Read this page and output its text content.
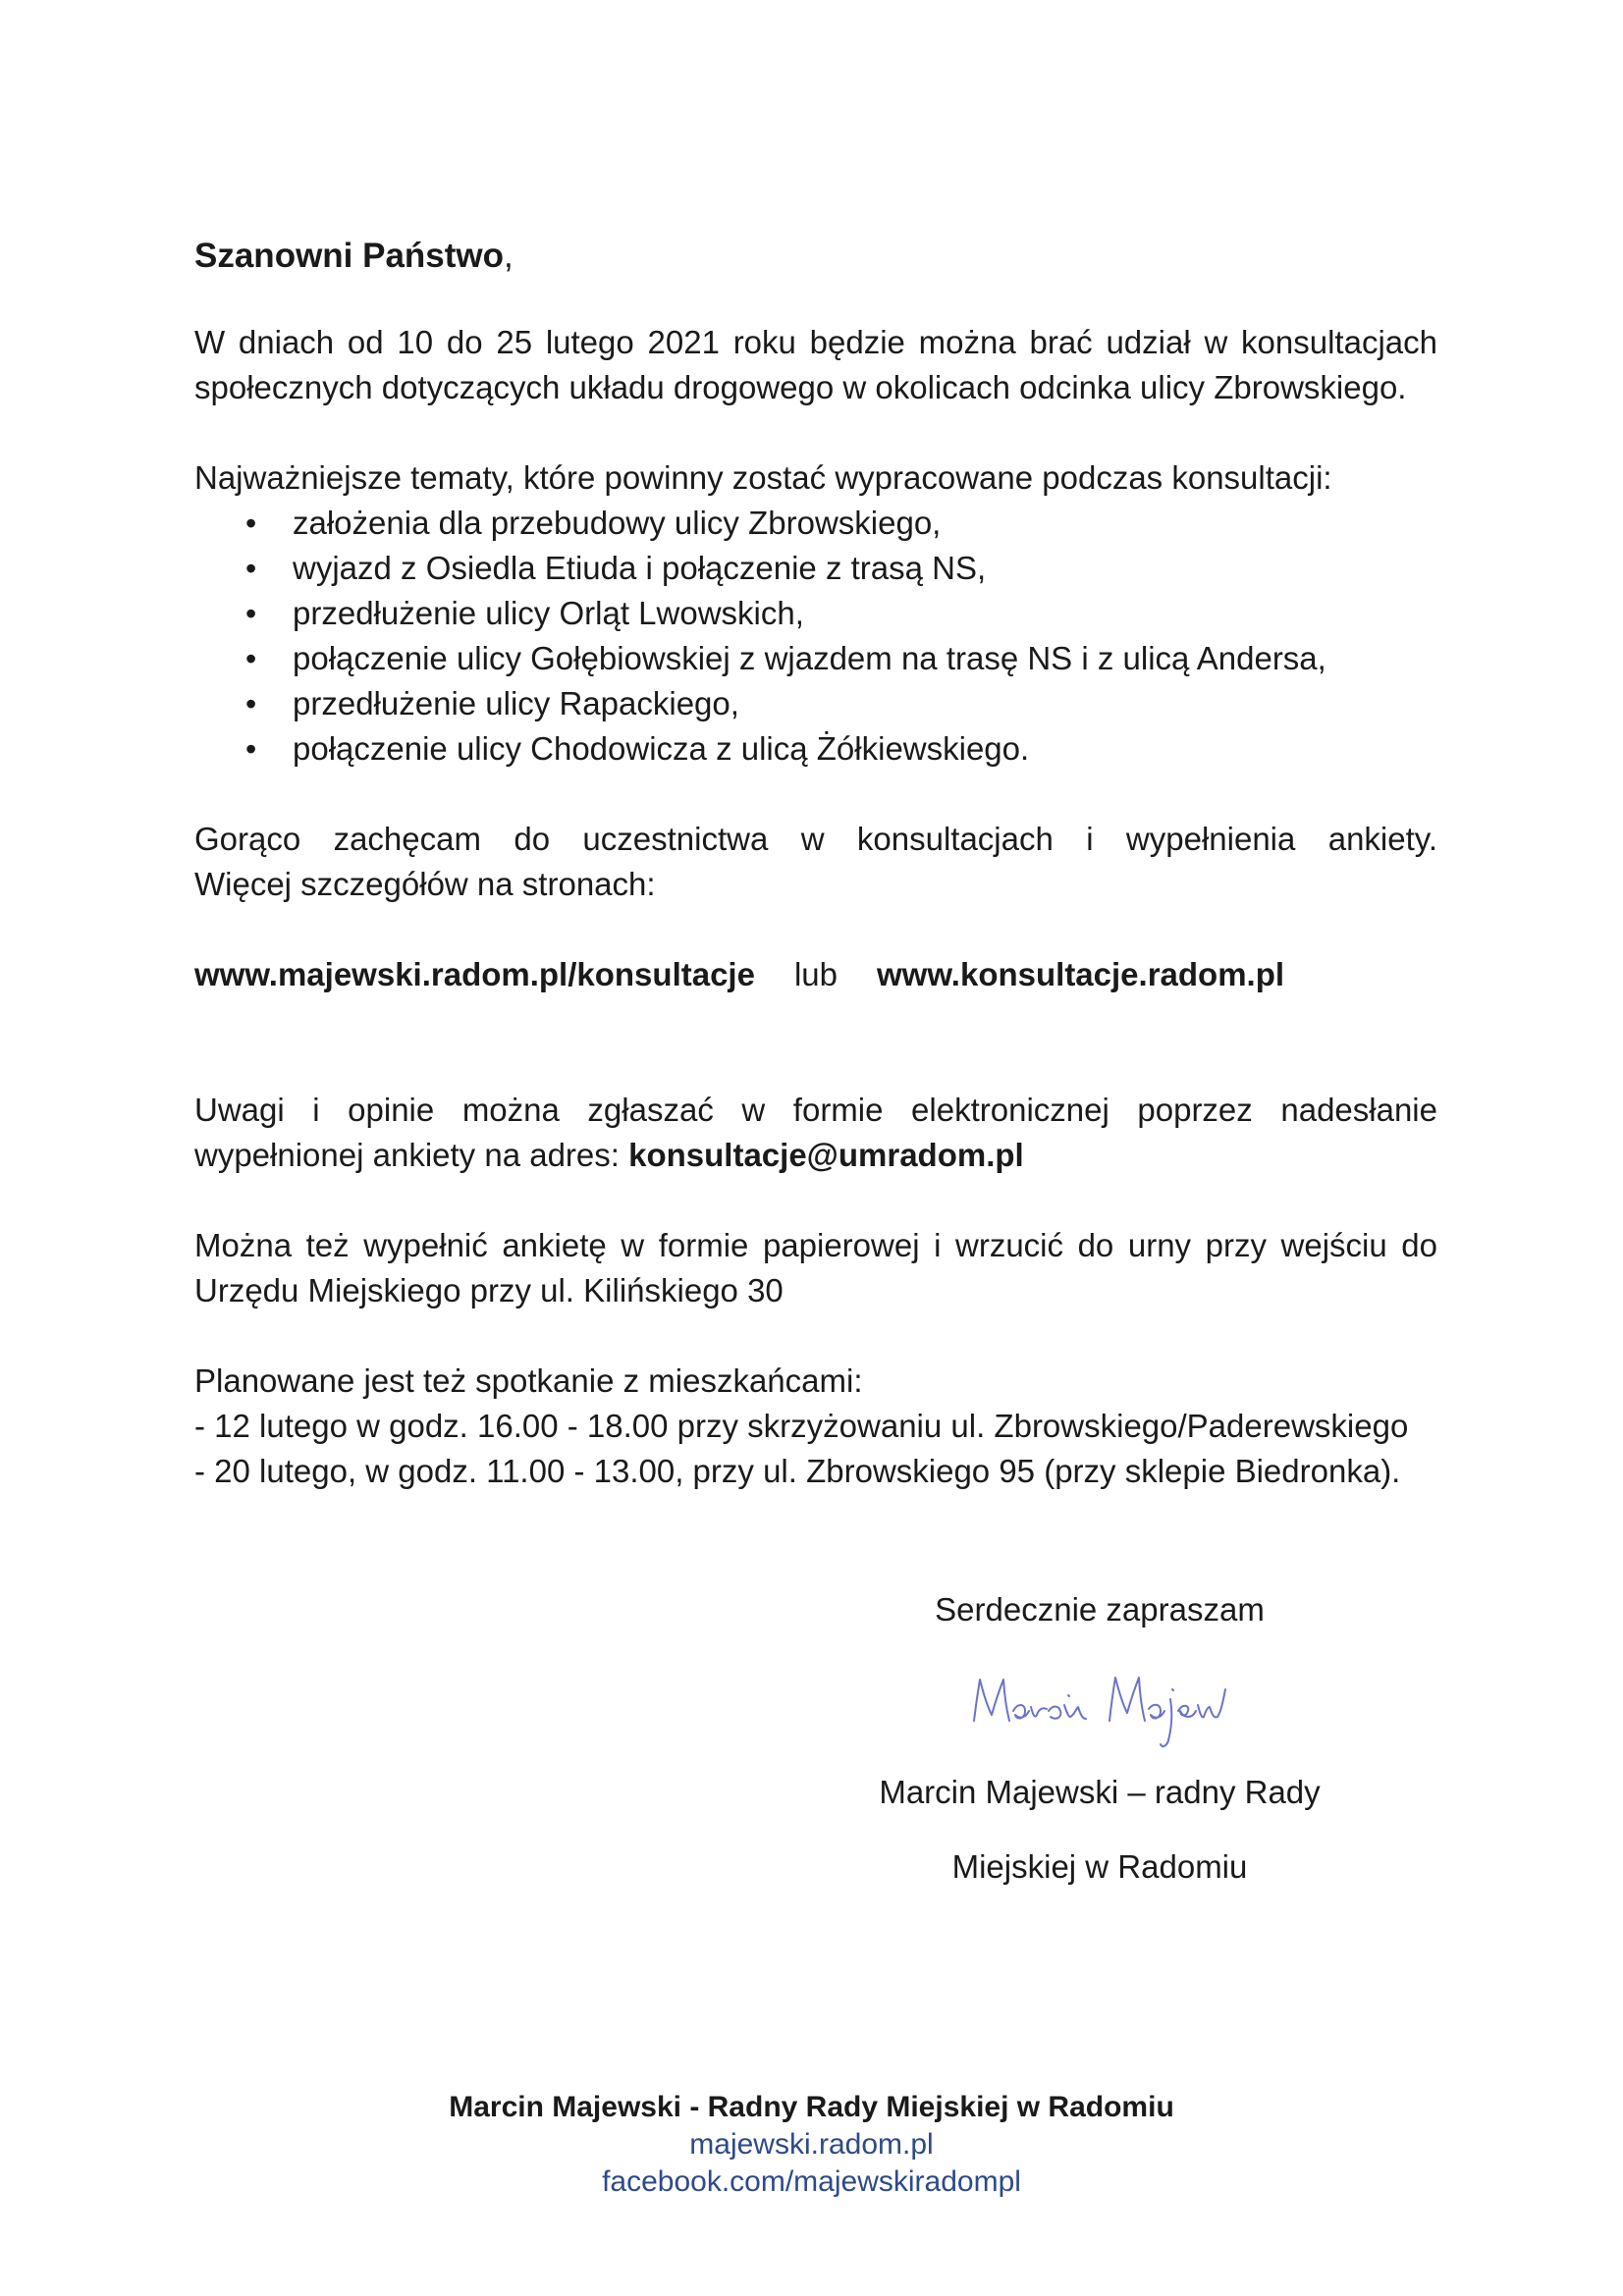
Szanowni Państwo,

W dniach od 10 do 25 lutego 2021 roku będzie można brać udział w konsultacjach społecznych dotyczących układu drogowego w okolicach odcinka ulicy Zbrowskiego.

Najważniejsze tematy, które powinny zostać wypracowane podczas konsultacji:

• założenia dla przebudowy ulicy Zbrowskiego,
• wyjazd z Osiedla Etiuda i połączenie z trasą NS,
• przedłużenie ulicy Orląt Lwowskich,
• połączenie ulicy Gołębiowskiej z wjazdem na trasę NS i z ulicą Andersa,
• przedłużenie ulicy Rapackiego,
• połączenie ulicy Chodowicza z ulicą Żółkiewskiego.

Gorąco zachęcam do uczestnictwa w konsultacjach i wypełnienia ankiety.

Więcej szczegółów na stronach:

www.majewski.radom.pl/konsultacje lub www.konsultacje.radom.pl

Uwagi i opinie można zgłaszać w formie elektronicznej poprzez nadesłanie wypełnionej ankiety na adres: konsultacje@umradom.pl

Można też wypełnić ankietę w formie papierowej i wrzucić do urny przy wejściu do Urzędu Miejskiego przy ul. Kilińskiego 30

Planowane jest też spotkanie z mieszkańcami:

- 12 lutego w godz. 16.00 - 18.00 przy skrzyżowaniu ul. Zbrowskiego/Paderewskiego

- 20 lutego, w godz. 11.00 - 13.00, przy ul. Zbrowskiego 95 (przy sklepie Biedronka).

Serdecznie zapraszam

Marcin Majewski – radny Rady

Miejskiej w Radomiu

Marcin Majewski - Radny Rady Miejskiej w Radomiu
majewski.radom.pl
facebook.com/majewskiradompl
